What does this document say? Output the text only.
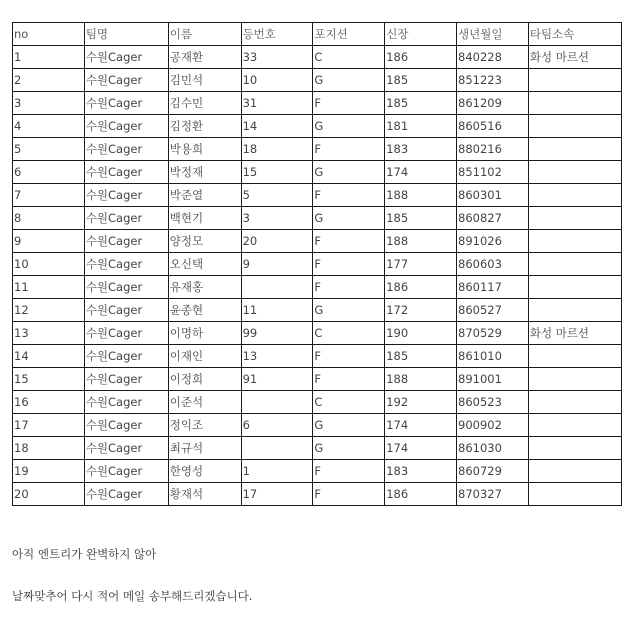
no	팀명	이름	등번호	포지션	신장	생년월일	타팀소속
1	수원Cager	공재환	33	C	186	840228	화성 마르션
2	수원Cager	김민석	10	G	185	851223	
3	수원Cager	김수민	31	F	185	861209	
4	수원Cager	김정환	14	G	181	860516	
5	수원Cager	박용희	18	F	183	880216	
6	수원Cager	박정재	15	G	174	851102	
7	수원Cager	박준열	5	F	188	860301	
8	수원Cager	백현기	3	G	185	860827	
9	수원Cager	양정모	20	F	188	891026	
10	수원Cager	오신택	9	F	177	860603	
11	수원Cager	유재홍		F	186	860117	
12	수원Cager	윤종현	11	G	172	860527	
13	수원Cager	이명하	99	C	190	870529	화성 마르션
14	수원Cager	이재인	13	F	185	861010	
15	수원Cager	이정희	91	F	188	891001	
16	수원Cager	이준석		C	192	860523	
17	수원Cager	정익조	6	G	174	900902	
18	수원Cager	최규석		G	174	861030	
19	수원Cager	한영성	1	F	183	860729	
20	수원Cager	황재석	17	F	186	870327	

아직 엔트리가 완벽하지 않아

날짜맞추어 다시 적어 메일 송부해드리겠습니다.
